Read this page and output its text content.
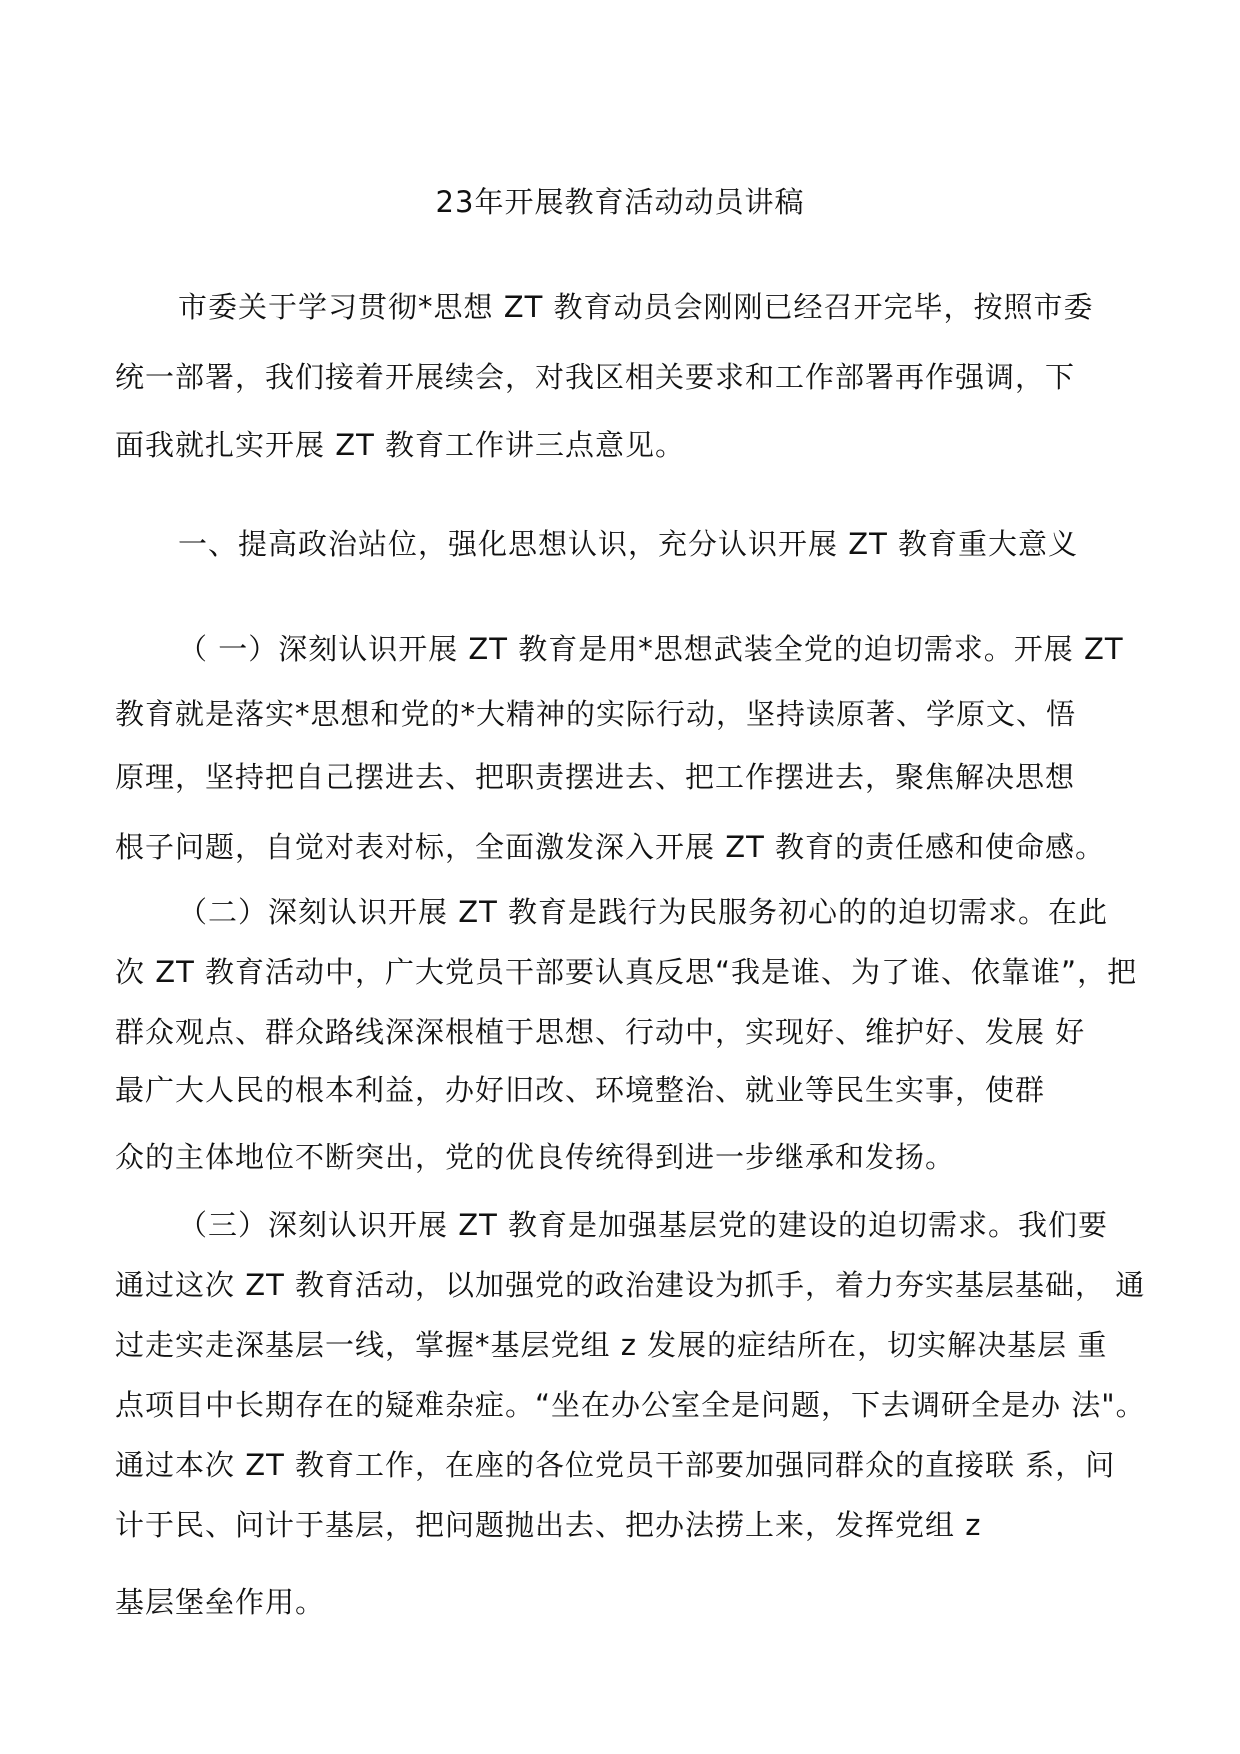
23年开展教育活动动员讲稿
市委关于学习贯彻*思想 ZT 教育动员会刚刚已经召开完毕，按照市委
统一部署，我们接着开展续会，对我区相关要求和工作部署再作强调，下
面我就扎实开展 ZT 教育工作讲三点意见。
一、提高政治站位，强化思想认识，充分认识开展 ZT 教育重大意义
（ 一）深刻认识开展 ZT 教育是用*思想武装全党的迫切需求。开展 ZT
教育就是落实*思想和党的*大精神的实际行动，坚持读原著、学原文、悟
原理，坚持把自己摆进去、把职责摆进去、把工作摆进去，聚焦解决思想
根子问题，自觉对表对标，全面激发深入开展 ZT 教育的责任感和使命感。
（二）深刻认识开展 ZT 教育是践行为民服务初心的的迫切需求。在此
次 ZT 教育活动中，广大党员干部要认真反思“我是谁、为了谁、依靠谁”，把
群众观点、群众路线深深根植于思想、行动中，实现好、维护好、发展 好
最广大人民的根本利益，办好旧改、环境整治、就业等民生实事，使群
众的主体地位不断突出，党的优良传统得到进一步继承和发扬。
（三）深刻认识开展 ZT 教育是加强基层党的建设的迫切需求。我们要
通过这次 ZT 教育活动，以加强党的政治建设为抓手，着力夯实基层基础， 通
过走实走深基层一线，掌握*基层党组 z 发展的症结所在，切实解决基层 重
点项目中长期存在的疑难杂症。“坐在办公室全是问题，下去调研全是办 法"。
通过本次 ZT 教育工作，在座的各位党员干部要加强同群众的直接联 系，问
计于民、问计于基层，把问题抛出去、把办法捞上来，发挥党组 z
基层堡垒作用。
